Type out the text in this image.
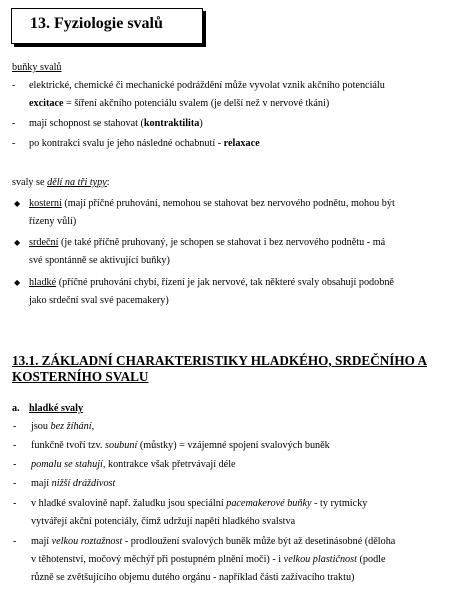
13. Fyziologie svalů
buňky svalů
- elektrické, chemické či mechanické podráždění může vyvolat vznik akčního potenciálu
excitace = šíření akčního potenciálu svalem (je delší než v nervové tkáni)
- mají schopnost se stahovat (kontraktilita)
- po kontrakci svalu je jeho následné ochabnutí - relaxace
svaly se dělí na tři typy:
◆ kosterní (mají příčné pruhování, nemohou se stahovat bez nervového podnětu, mohou být
řízeny vůlí)
◆ srdeční (je také příčně pruhovaný, je schopen se stahovat i bez nervového podnětu - má
své spontánně se aktivující buňky)
◆ hladké (příčné pruhování chybí, řízení je jak nervové, tak některé svaly obsahují podobně
jako srdeční sval své pacemakery)
13.1. ZÁKLADNÍ CHARAKTERISTIKY HLADKÉHO, SRDEČNÍHO A
KOSTERNÍHO SVALU
a. hladké svaly
- jsou bez žíhání,
- funkčně tvoří tzv. soubuní (můstky) = vzájemné spojení svalových buněk
- pomalu se stahují, kontrakce však přetrvávají déle
- mají nižší dráždivost
- v hladké svalovině např. žaludku jsou speciální pacemakerové buňky - ty rytmicky
vytvářejí akční potenciály, čímž udržují napětí hladkého svalstva
- mají velkou roztažnost - prodloužení svalových buněk může být až desetinásobné (děloha
v těhotenství, močový měchýř při postupném plnění moči) - i velkou plastičnost (podle
různě se zvětšujícího objemu dutého orgánu - například části zažívacího traktu)
